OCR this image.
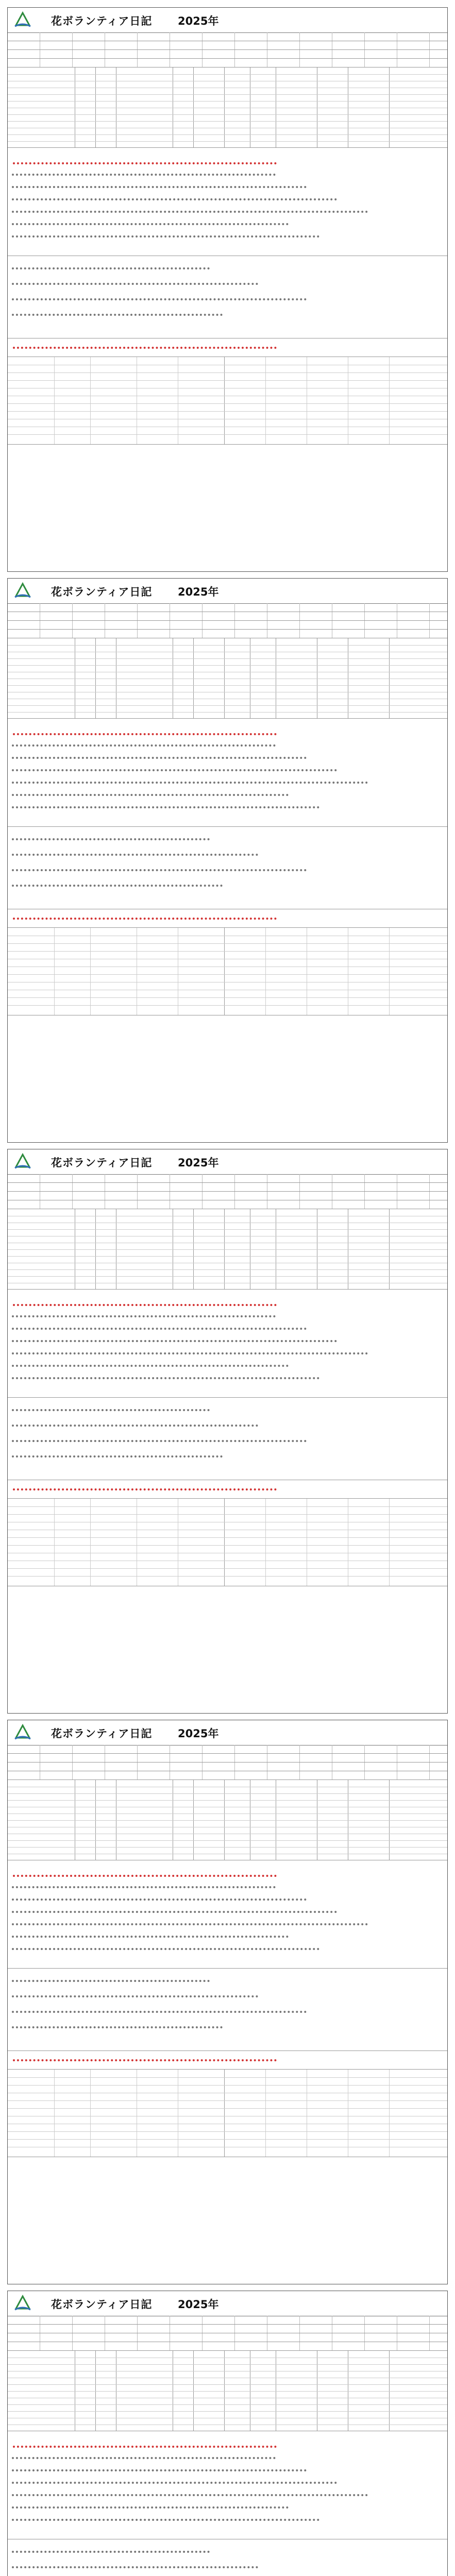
花ボランティア日記 2025年
花ボランティア日記 2025年
花ボランティア日記 2025年
花ボランティア日記 2025年
花ボランティア日記 2025年
